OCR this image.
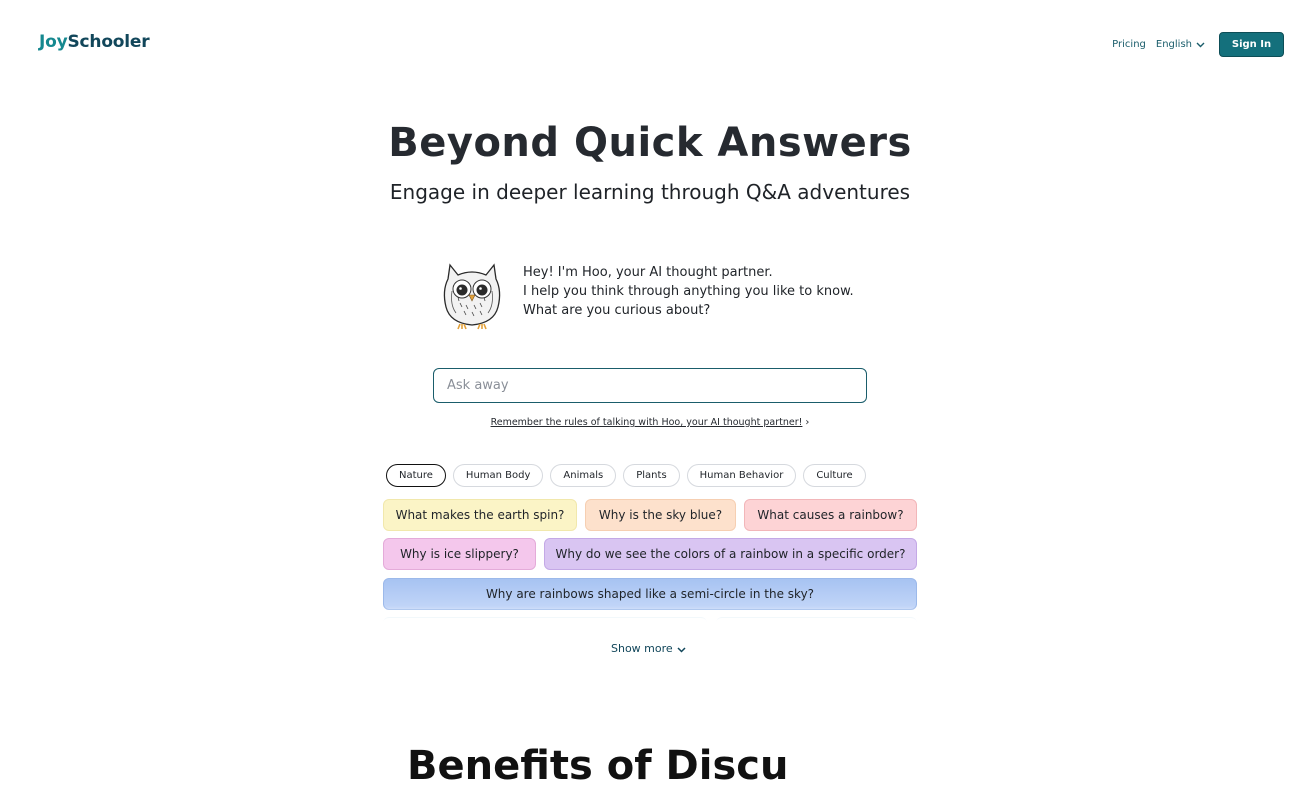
JoySchooler	Pricing English	Sign In
Beyond Quick Answers
Engage in deeper learning through Q&A adventures
Hey! I'm Hoo, your AI thought partner.
I help you think through anything you like to know.
What are you curious about?
Ask away
Remember the rules of talking with Hoo, your AI thought partner! ›
Nature	Human Body	Animals	Plants	Human Behavior	Culture
What makes the earth spin?	Why is the sky blue?	What causes a rainbow?
Why is ice slippery?	Why do we see the colors of a rainbow in a specific order?
Why are rainbows shaped like a semi-circle in the sky?
Show more
Benefits of Discu
